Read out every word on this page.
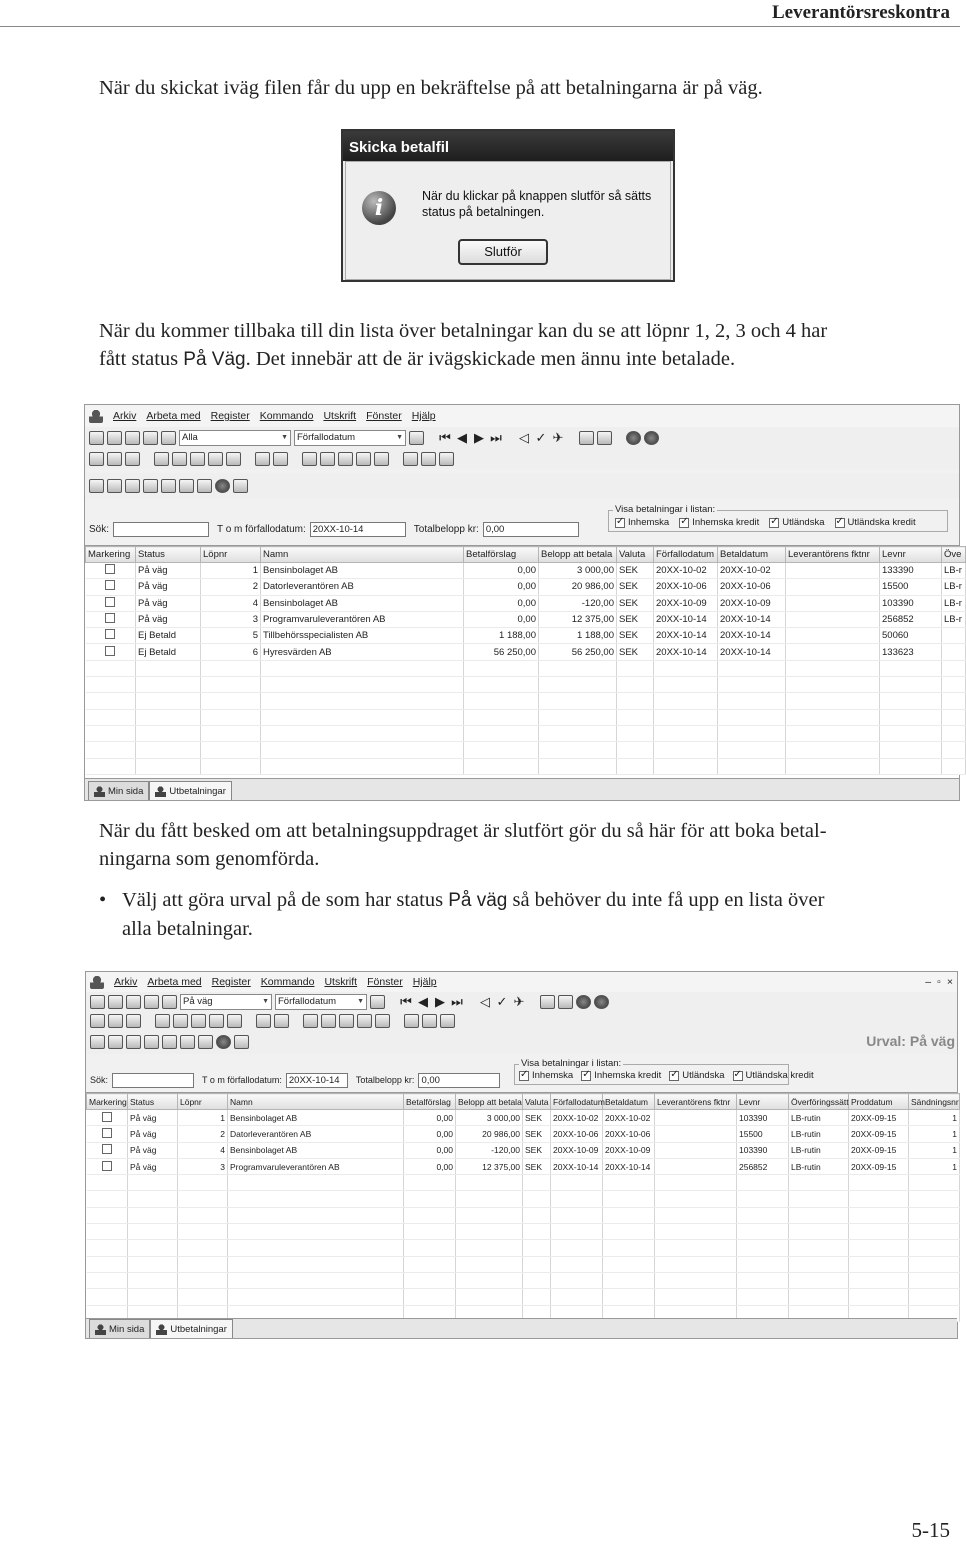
Leverantörsreskontra
När du skickat iväg filen får du upp en bekräftelse på att betalningarna är på väg.
Skicka betalfil
i	När du klickar på knappen slutför så sätts
status på betalningen.
Slutför
När du kommer tillbaka till din lista över betalningar kan du se att löpnr 1, 2, 3 och 4 har
fått status På Väg. Det innebär att de är ivägskickade men ännu inte betalade.
Arkiv Arbeta med Register Kommando Utskrift Fönster Hjälp
Alla	▼ Förfallodatum	▼	⏮ ◀ ▶ ⏭ ◁ ✓ ✈
Sök:	T o m förfallodatum: 20XX-10-14	Totalbelopp kr: 0,00
Visa betalningar i listan:
✓
Inhemska ✓ Inhemska kredit ✓ Utländska ✓ Utländska kredit
Markering	Status	Löpnr	Namn	Betalförslag	Belopp att betala	Valuta	Förfallodatum	Betaldatum	Leverantörens fktnr	Levnr	Öve
	På väg	1	Bensinbolaget AB	0,00	3 000,00	SEK	20XX-10-02	20XX-10-02		133390	LB-r
	På väg	2	Datorleverantören AB	0,00	20 986,00	SEK	20XX-10-06	20XX-10-06		15500	LB-r
	På väg	4	Bensinbolaget AB	0,00	-120,00	SEK	20XX-10-09	20XX-10-09		103390	LB-r
	På väg	3	Programvaruleverantören AB	0,00	12 375,00	SEK	20XX-10-14	20XX-10-14		256852	LB-r
	Ej Betald	5	Tillbehörsspecialisten AB	1 188,00	1 188,00	SEK	20XX-10-14	20XX-10-14		50060	
	Ej Betald	6	Hyresvärden AB	56 250,00	56 250,00	SEK	20XX-10-14	20XX-10-14		133623	

Min sida	Utbetalningar
När du fått besked om att betalningsuppdraget är slutfört gör du så här för att boka betal-
ningarna som genomförda.
• Välj att göra urval på de som har status På väg så behöver du inte få upp en lista över
alla betalningar.
Arkiv Arbeta med Register Kommando Utskrift Fönster Hjälp	– ▫ ×
På väg	▼ Förfallodatum	▼	⏮ ◀ ▶ ⏭ ◁ ✓ ✈
Urval: På väg
Sök:	T o m förfallodatum: 20XX-10-14	Totalbelopp kr: 0,00
Visa betalningar i listan:
✓
Inhemska ✓ Inhemska kredit ✓ Utländska ✓ Utländska kredit
Markering	Status	Löpnr	Namn	Betalförslag	Belopp att betala	Valuta	Förfallodatum	Betaldatum	Leverantörens fktnr	Levnr	Överföringssätt	Proddatum	Sändningsnr
	På väg	1	Bensinbolaget AB	0,00	3 000,00	SEK	20XX-10-02	20XX-10-02		103390	LB-rutin	20XX-09-15	1
	På väg	2	Datorleverantören AB	0,00	20 986,00	SEK	20XX-10-06	20XX-10-06		15500	LB-rutin	20XX-09-15	1
	På väg	4	Bensinbolaget AB	0,00	-120,00	SEK	20XX-10-09	20XX-10-09		103390	LB-rutin	20XX-09-15	1
	På väg	3	Programvaruleverantören AB	0,00	12 375,00	SEK	20XX-10-14	20XX-10-14		256852	LB-rutin	20XX-09-15	1

Min sida	Utbetalningar
5-15
